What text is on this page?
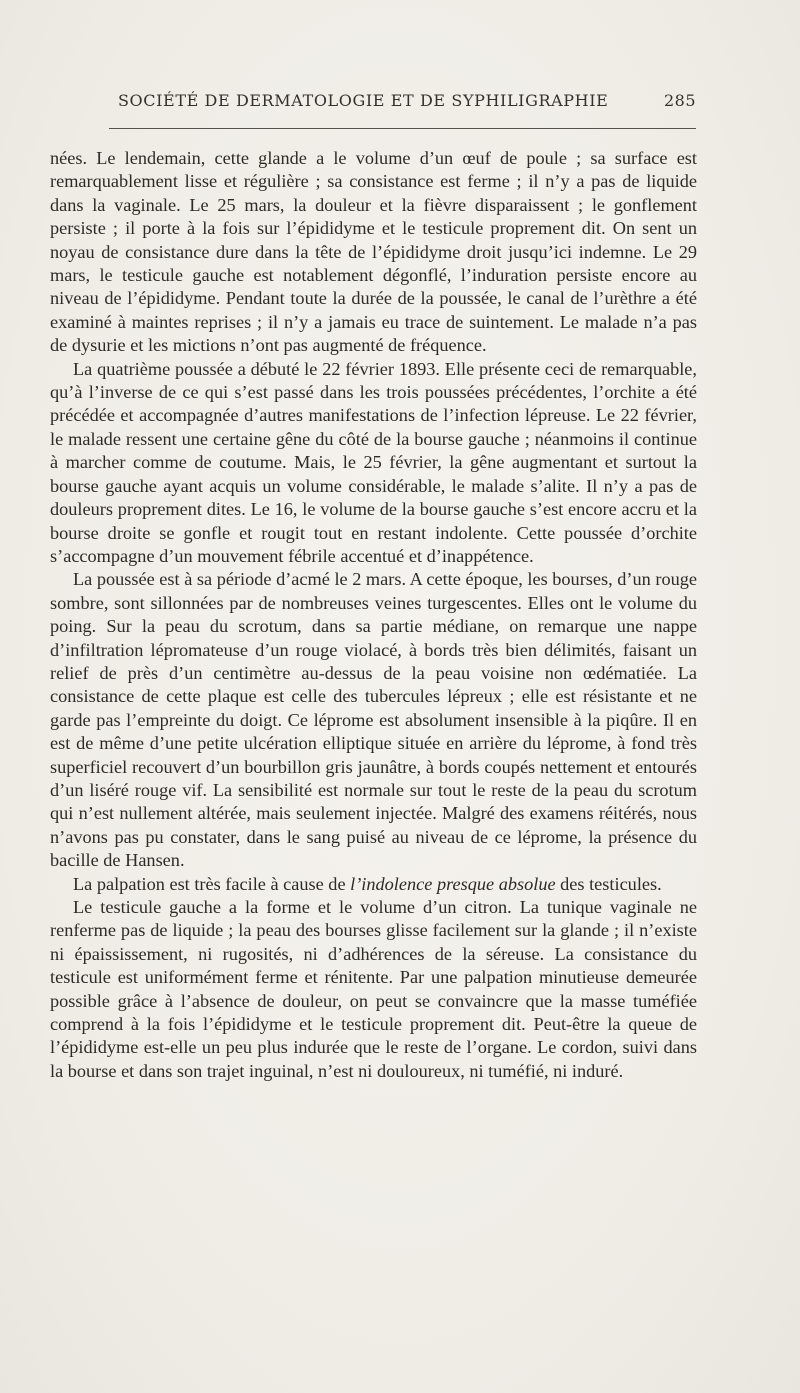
SOCIÉTÉ DE DERMATOLOGIE ET DE SYPHILIGRAPHIE	285

nées. Le lendemain, cette glande a le volume d’un œuf de poule ; sa surface est remarquablement lisse et régulière ; sa consistance est ferme ; il n’y a pas de liquide dans la vaginale. Le 25 mars, la douleur et la fièvre disparaissent ; le gonflement persiste ; il porte à la fois sur l’épididyme et le testicule proprement dit. On sent un noyau de consistance dure dans la tête de l’épididyme droit jusqu’ici indemne. Le 29 mars, le testicule gauche est notablement dégonflé, l’induration persiste encore au niveau de l’épididyme. Pendant toute la durée de la poussée, le canal de l’urèthre a été examiné à maintes reprises ; il n’y a jamais eu trace de suintement. Le malade n’a pas de dysurie et les mictions n’ont pas augmenté de fréquence.

La quatrième poussée a débuté le 22 février 1893. Elle présente ceci de remarquable, qu’à l’inverse de ce qui s’est passé dans les trois poussées précédentes, l’orchite a été précédée et accompagnée d’autres manifestations de l’infection lépreuse. Le 22 février, le malade ressent une certaine gêne du côté de la bourse gauche ; néanmoins il continue à marcher comme de coutume. Mais, le 25 février, la gêne augmentant et surtout la bourse gauche ayant acquis un volume considérable, le malade s’alite. Il n’y a pas de douleurs proprement dites. Le 16, le volume de la bourse gauche s’est encore accru et la bourse droite se gonfle et rougit tout en restant indolente. Cette poussée d’orchite s’accompagne d’un mouvement fébrile accentué et d’inappétence.

La poussée est à sa période d’acmé le 2 mars. A cette époque, les bourses, d’un rouge sombre, sont sillonnées par de nombreuses veines turgescentes. Elles ont le volume du poing. Sur la peau du scrotum, dans sa partie médiane, on remarque une nappe d’infiltration lépromateuse d’un rouge violacé, à bords très bien délimités, faisant un relief de près d’un centimètre au-dessus de la peau voisine non œdématiée. La consistance de cette plaque est celle des tubercules lépreux ; elle est résistante et ne garde pas l’empreinte du doigt. Ce léprome est absolument insensible à la piqûre. Il en est de même d’une petite ulcération elliptique située en arrière du léprome, à fond très superficiel recouvert d’un bourbillon gris jaunâtre, à bords coupés nettement et entourés d’un liséré rouge vif. La sensibilité est normale sur tout le reste de la peau du scrotum qui n’est nullement altérée, mais seulement injectée. Malgré des examens réitérés, nous n’avons pas pu constater, dans le sang puisé au niveau de ce léprome, la présence du bacille de Hansen.

La palpation est très facile à cause de l’indolence presque absolue des testicules.

Le testicule gauche a la forme et le volume d’un citron. La tunique vaginale ne renferme pas de liquide ; la peau des bourses glisse facilement sur la glande ; il n’existe ni épaississement, ni rugosités, ni d’adhérences de la séreuse. La consistance du testicule est uniformément ferme et rénitente. Par une palpation minutieuse demeurée possible grâce à l’absence de douleur, on peut se convaincre que la masse tuméfiée comprend à la fois l’épididyme et le testicule proprement dit. Peut-être la queue de l’épididyme est-elle un peu plus indurée que le reste de l’organe. Le cordon, suivi dans la bourse et dans son trajet inguinal, n’est ni douloureux, ni tuméfié, ni induré.
